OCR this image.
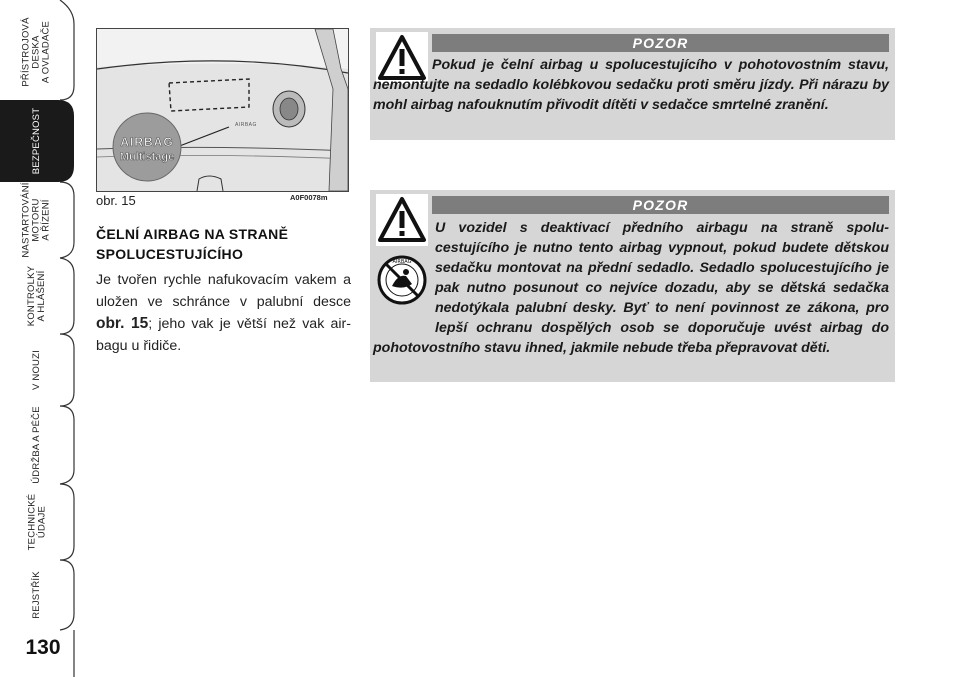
PŘÍSTROJOVÁ DESKA A OVLADAČE
BEZPEČNOST
NASTARTOVÁNÍ MOTORU A ŘÍZENÍ
KONTROLKY A HLÁŠENÍ
V NOUZI
ÚDRŽBA A PÉČE
TECHNICKÉ ÚDAJE
REJSTŘÍK
130
AIRBAG
Multistage
AIRBAG
obr. 15	A0F0078m
ČELNÍ AIRBAG NA STRANĚ SPOLUCESTUJÍCÍHO
Je tvořen rychle nafukovacím vakem a uložen ve schránce v palubní desce obr. 15; jeho vak je větší než vak air-bagu u řidiče.
POZOR
Pokud je čelní airbag u spolucestujícího v pohotovostním stavu, nemontujte na sedadlo kolébkovou sedačku proti směru jízdy. Při nárazu by mohl airbag nafouknutím přivodit dítěti v sedačce smrtelné zranění.
AIRBAG
POZOR
U vozidel s deaktivací předního airbagu na straně spolu-cestujícího je nutno tento airbag vypnout, pokud budete dětskou sedačku montovat na přední sedadlo. Sedadlo spolucestujícího je pak nutno posunout co nejvíce dozadu, aby se dětská sedačka nedotýkala palubní desky. Byť to není povinnost ze zákona, pro lepší ochranu dospělých osob se doporučuje uvést airbag do pohotovostního stavu ihned, jakmile nebude třeba přepravovat děti.
